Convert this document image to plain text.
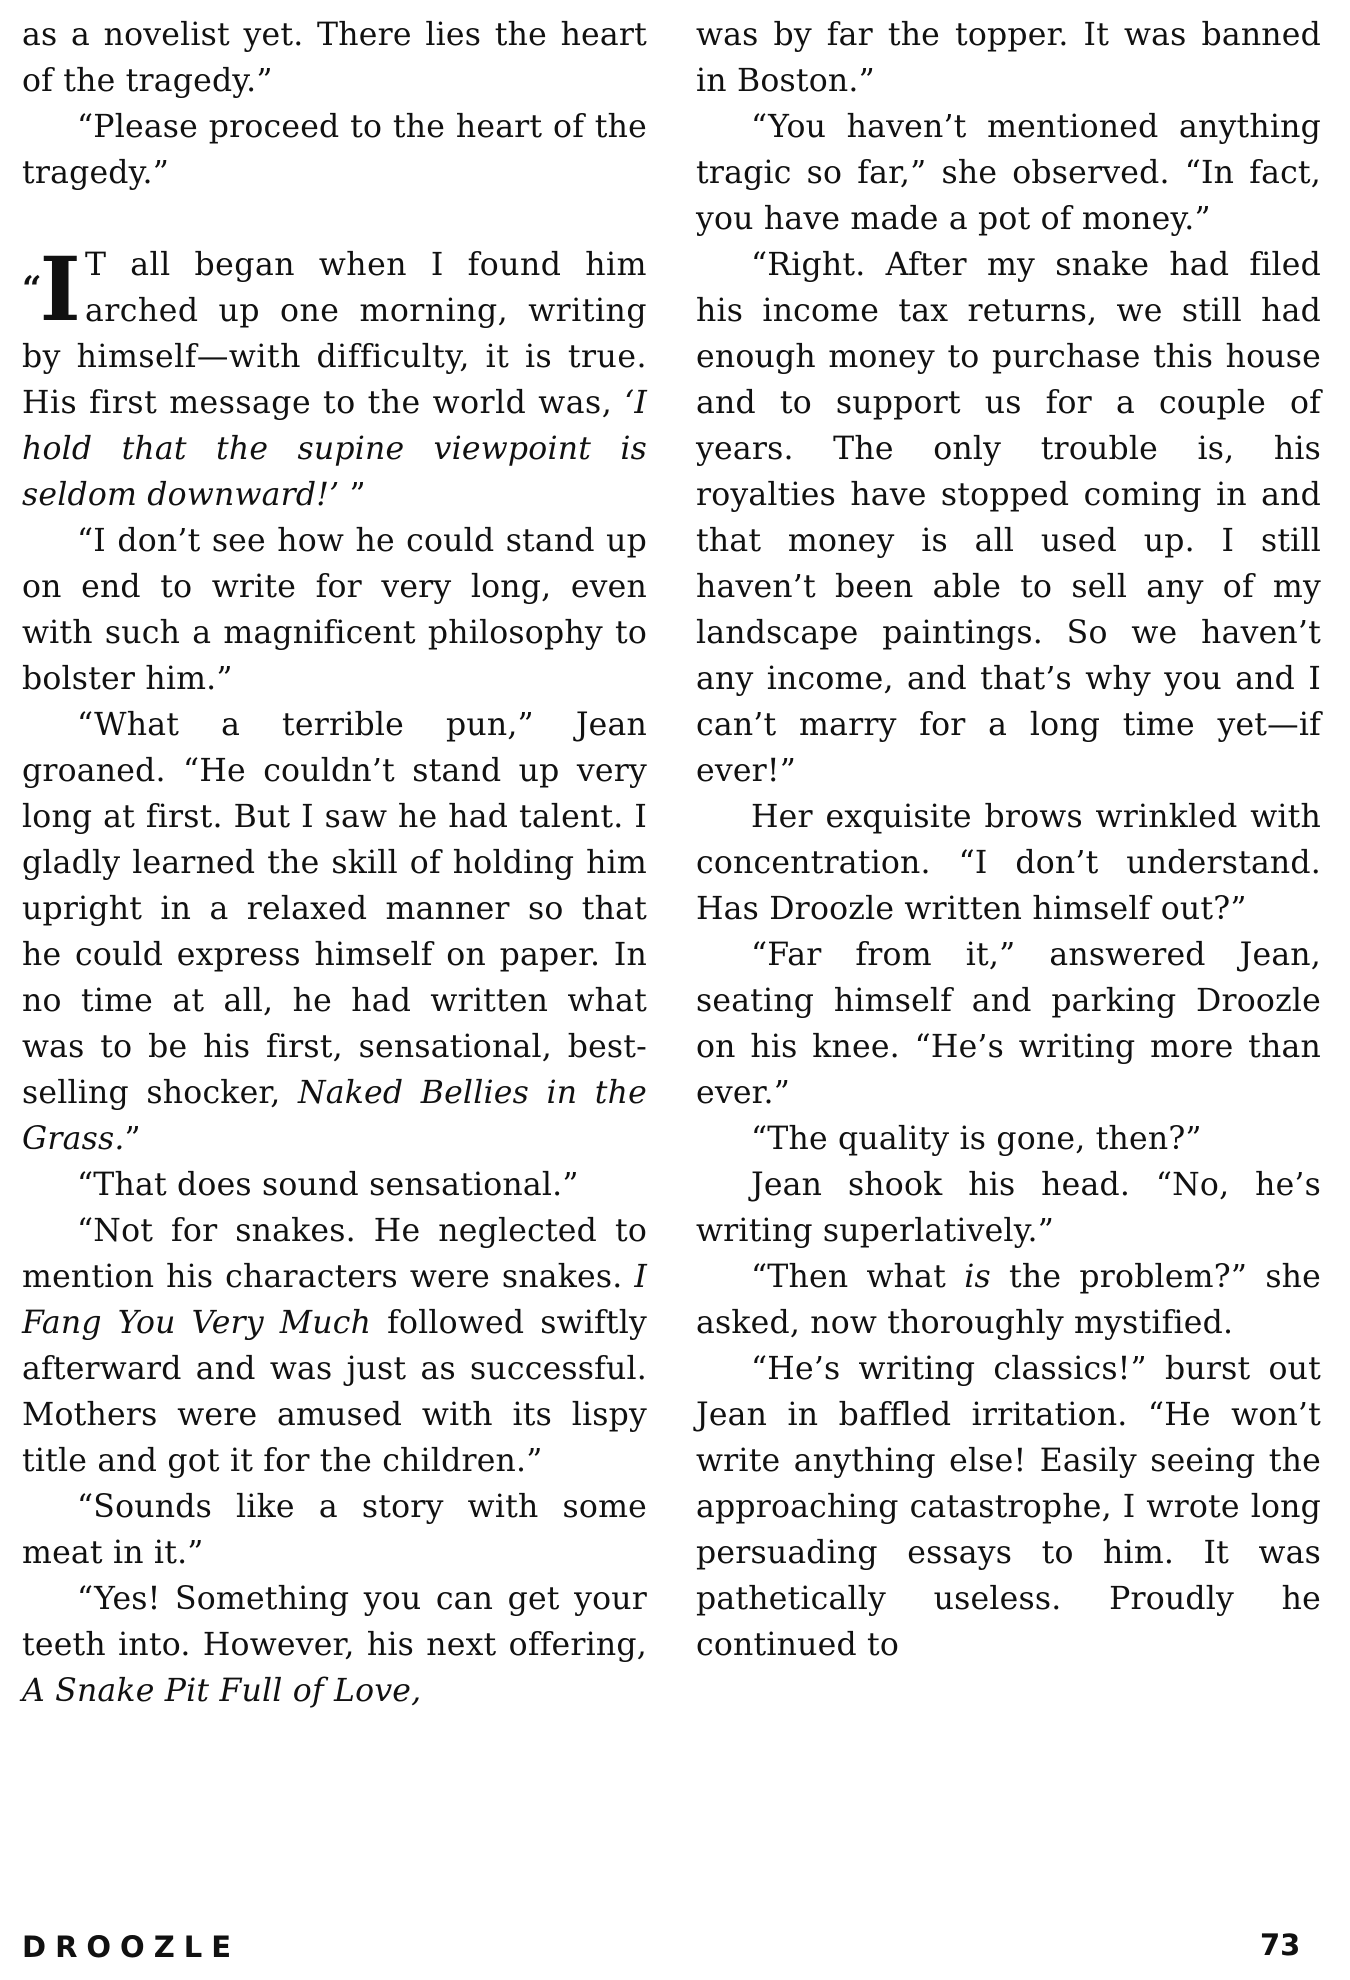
as a novelist yet. There lies the heart of the tragedy.”

“Please proceed to the heart of the tragedy.”

“I T all began when I found him arched up one morning, writing by himself—with difficulty, it is true. His first message to the world was, ‘I hold that the supine viewpoint is seldom downward!’ ”

“I don’t see how he could stand up on end to write for very long, even with such a magnificent philosophy to bolster him.”

“What a terrible pun,” Jean groaned. “He couldn’t stand up very long at first. But I saw he had talent. I gladly learned the skill of holding him upright in a relaxed manner so that he could express himself on paper. In no time at all, he had written what was to be his first, sensational, best-selling shocker, Naked Bellies in the Grass.”

“That does sound sensational.”

“Not for snakes. He neglected to mention his characters were snakes. I Fang You Very Much followed swiftly afterward and was just as successful. Mothers were amused with its lispy title and got it for the children.”

“Sounds like a story with some meat in it.”

“Yes! Something you can get your teeth into. However, his next offering, A Snake Pit Full of Love,

was by far the topper. It was banned in Boston.”

“You haven’t mentioned anything tragic so far,” she observed. “In fact, you have made a pot of money.”

“Right. After my snake had filed his income tax returns, we still had enough money to purchase this house and to support us for a couple of years. The only trouble is, his royalties have stopped coming in and that money is all used up. I still haven’t been able to sell any of my landscape paintings. So we haven’t any income, and that’s why you and I can’t marry for a long time yet—if ever!”

Her exquisite brows wrinkled with concentration. “I don’t understand. Has Droozle written himself out?”

“Far from it,” answered Jean, seating himself and parking Droozle on his knee. “He’s writing more than ever.”

“The quality is gone, then?”

Jean shook his head. “No, he’s writing superlatively.”

“Then what is the problem?” she asked, now thoroughly mystified.

“He’s writing classics!” burst out Jean in baffled irritation. “He won’t write anything else! Easily seeing the approaching catastrophe, I wrote long persuading essays to him. It was pathetically useless. Proudly he continued to

DROOZLE	73
